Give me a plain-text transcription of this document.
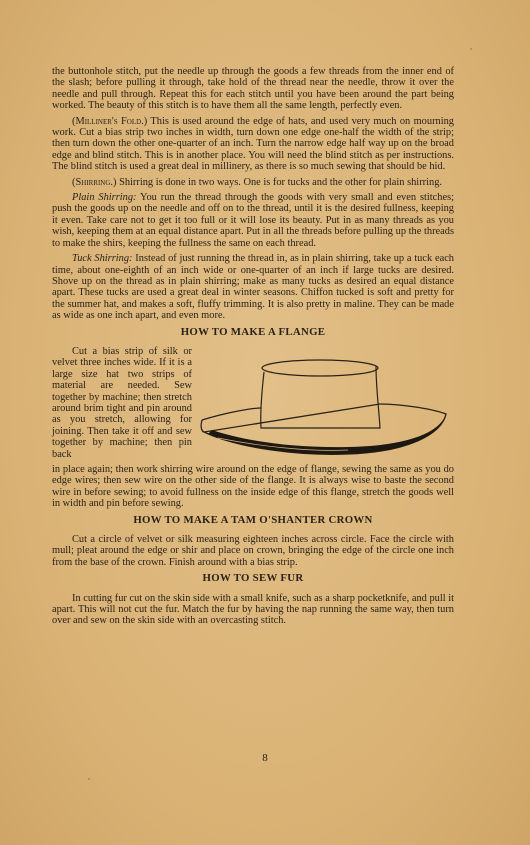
the buttonhole stitch, put the needle up through the goods a few threads from the inner end of the slash; before pulling it through, take hold of the thread near the needle, throw it over the needle and pull through. Repeat this for each stitch until you have been around the part being worked. The beauty of this stitch is to have them all the same length, perfectly even.

(Milliner's Fold.) This is used around the edge of hats, and used very much on mourning work. Cut a bias strip two inches in width, turn down one edge one-half the width of the strip; then turn down the other one-quarter of an inch. Turn the narrow edge half way up on the broad edge and blind stitch. This is in another place. You will need the blind stitch as per instructions. The blind stitch is used a great deal in millinery, as there is so much sewing that should be hid.

(Shirring.) Shirring is done in two ways. One is for tucks and the other for plain shirring.

Plain Shirring: You run the thread through the goods with very small and even stitches; push the goods up on the needle and off on to the thread, until it is the desired fullness, keeping it even. Take care not to get it too full or it will lose its beauty. Put in as many threads as you wish, keeping them at an equal distance apart. Put in all the threads before pulling up the threads to make the shirs, keeping the fullness the same on each thread.

Tuck Shirring: Instead of just running the thread in, as in plain shirring, take up a tuck each time, about one-eighth of an inch wide or one-quarter of an inch if large tucks are desired. Shove up on the thread as in plain shirring; make as many tucks as desired an equal distance apart. These tucks are used a great deal in winter seasons. Chiffon tucked is soft and pretty for the summer hat, and makes a soft, fluffy trimming. It is also pretty in maline. They can be made as wide as one inch apart, and even more.

HOW TO MAKE A FLANGE

Cut a bias strip of silk or velvet three inches wide. If it is a large size hat two strips of material are needed. Sew together by machine; then stretch around brim tight and pin around as you stretch, allowing for joining. Then take it off and sew together by machine; then pin back

in place again; then work shirring wire around on the edge of flange, sewing the same as you do edge wires; then sew wire on the other side of the flange. It is always wise to baste the second wire in before sewing; to avoid fullness on the inside edge of this flange, stretch the goods well in width and pin before sewing.

HOW TO MAKE A TAM O'SHANTER CROWN

Cut a circle of velvet or silk measuring eighteen inches across circle. Face the circle with mull; pleat around the edge or shir and place on crown, bringing the edge of the circle one inch from the base of the crown. Finish around with a bias strip.

HOW TO SEW FUR

In cutting fur cut on the skin side with a small knife, such as a sharp pocketknife, and pull it apart. This will not cut the fur. Match the fur by having the nap running the same way, then turn over and sew on the skin side with an overcasting stitch.

8
